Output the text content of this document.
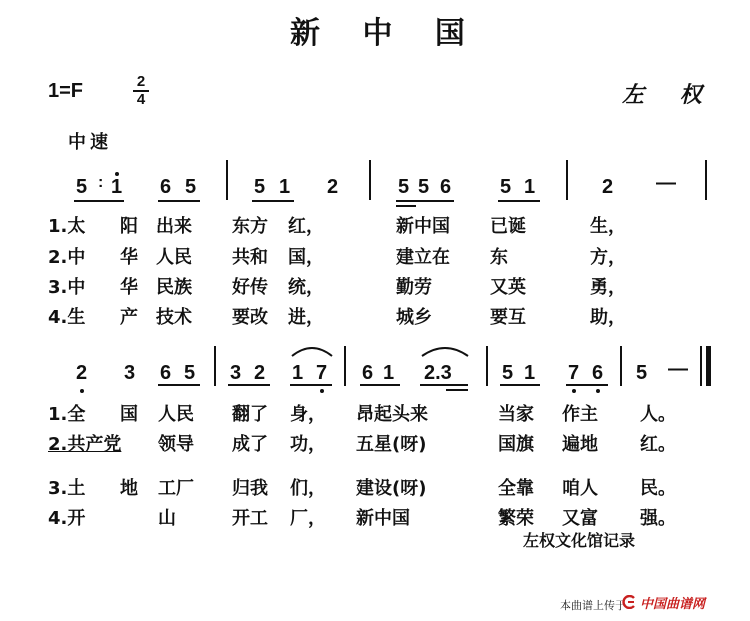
新 中 国
1=F	2
4	左 权
中速
5 : 1 6 5	5 1 2	5 5 6 5 1	2 —
1.太 阳 出来 东方 红，	新中国 已诞	生，
2.中 华 人民 共和 国，	建立在 东	方，
3.中 华 民族 好传 统，	勤劳	又英	勇，
4.生 产 技术 要改 进，	城乡	要互	助，
2 3 6 5 3 2 1 7 6 1 2.3	5 1 7 6 5 —
1.全 国 人民 翻了 身， 昂起头来	当家 作主 人。
2.共产党 领导 成了 功， 五星(呀)	国旗 遍地 红。
3.土 地 工厂 归我 们， 建设(呀)	全靠 咱人 民。
4.开	山	开工 厂， 新中国	繁荣 又富 强。
左权文化馆记录
本曲谱上传于 中国曲谱网
